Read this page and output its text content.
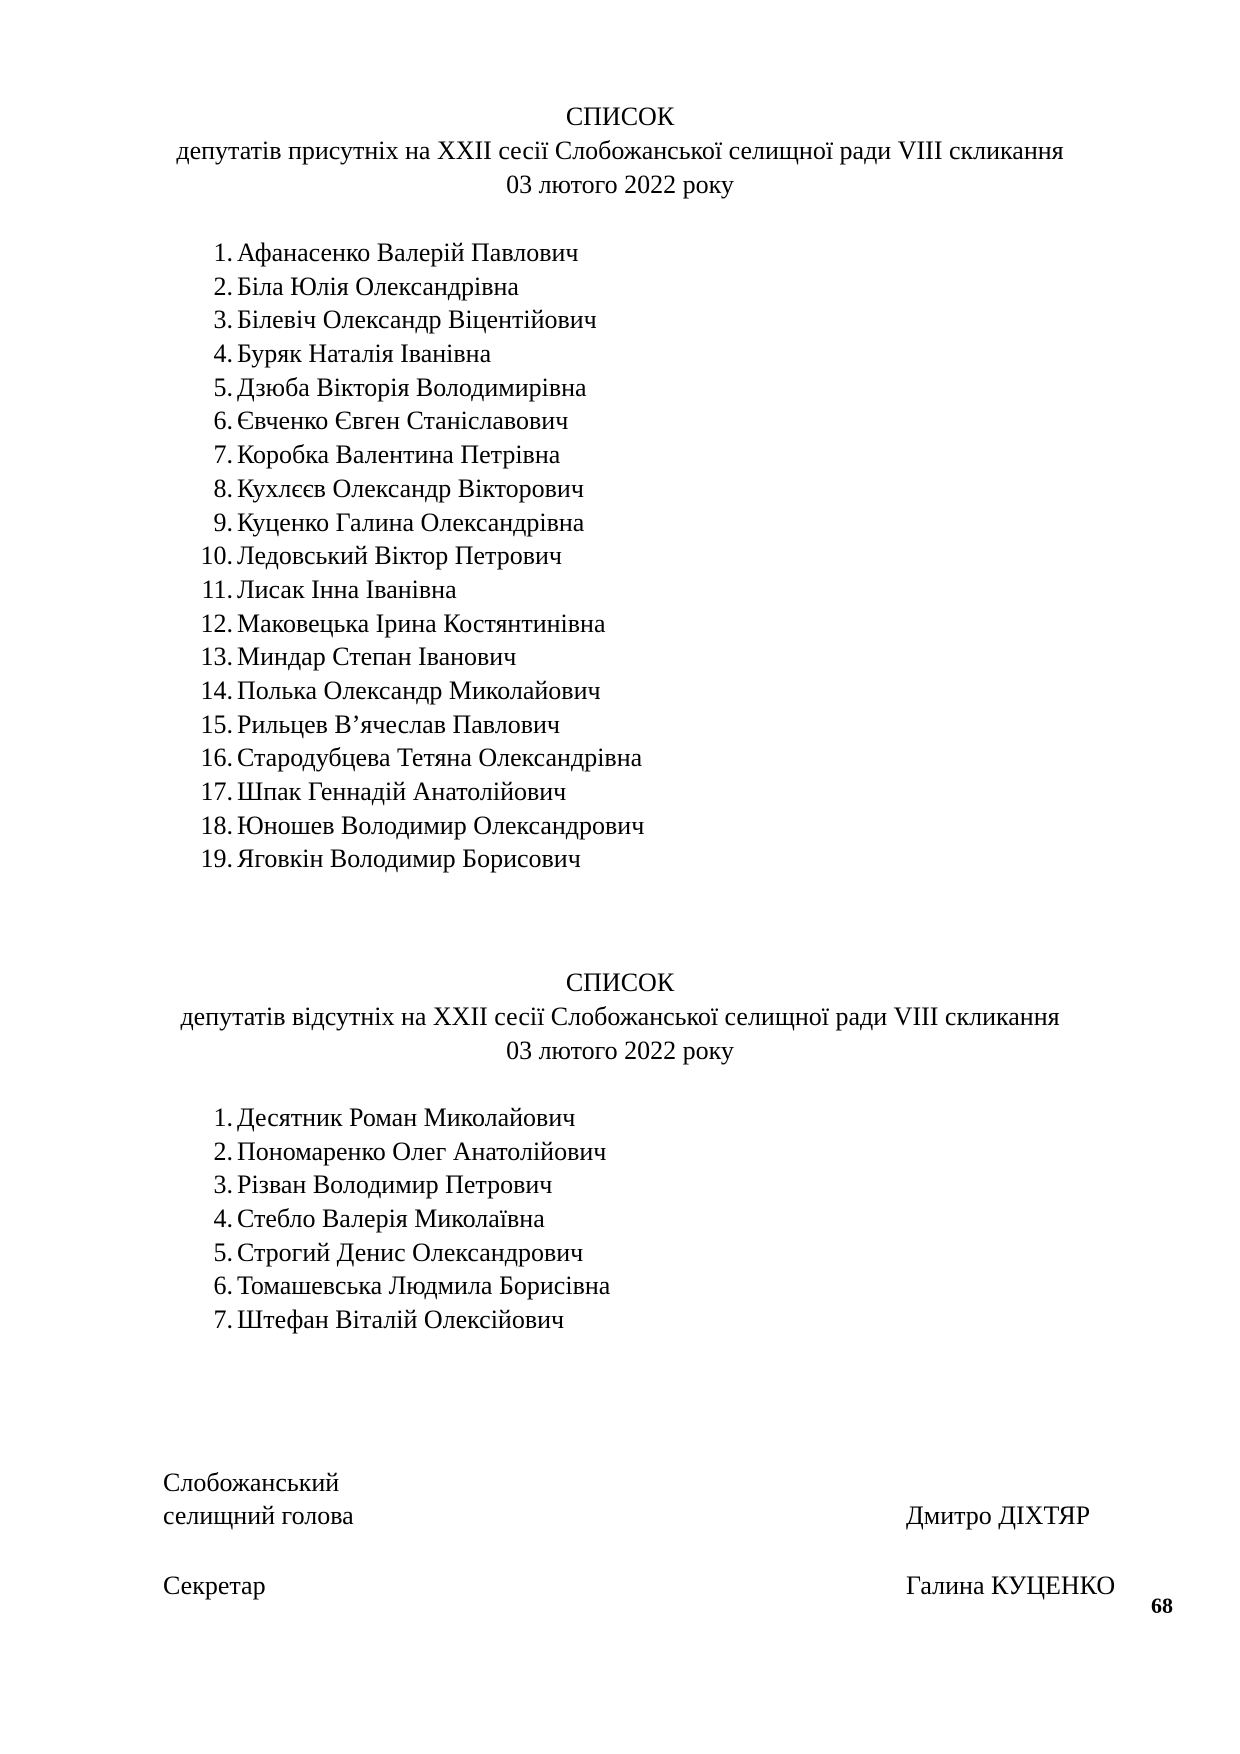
СПИСОК
депутатів присутніх на XXІІ сесії Слобожанської селищної ради VІІІ скликання
03 лютого 2022 року
1. Афанасенко Валерій Павлович
2. Біла Юлія Олександрівна
3. Білевіч Олександр Віцентійович
4. Буряк Наталія Іванівна
5. Дзюба Вікторія Володимирівна
6. Євченко Євген Станіславович
7. Коробка Валентина Петрівна
8. Кухлєєв Олександр Вікторович
9. Куценко Галина Олександрівна
10. Ледовський Віктор Петрович
11. Лисак Інна Іванівна
12. Маковецька Ірина Костянтинівна
13. Миндар Степан Іванович
14. Полька Олександр Миколайович
15. Рильцев В’ячеслав Павлович
16. Стародубцева Тетяна Олександрівна
17. Шпак Геннадій Анатолійович
18. Юношев Володимир Олександрович
19. Яговкін Володимир Борисович
СПИСОК
депутатів відсутніх на XXІІ сесії Слобожанської селищної ради VІІІ скликання
03 лютого 2022 року
1. Десятник Роман Миколайович
2. Пономаренко Олег Анатолійович
3. Різван Володимир Петрович
4. Стебло Валерія Миколаївна
5. Строгий Денис Олександрович
6. Томашевська Людмила Борисівна
7. Штефан Віталій Олексійович
Слобожанський
селищний голова	Дмитро ДІХТЯР
Секретар	Галина КУЦЕНКО
68
